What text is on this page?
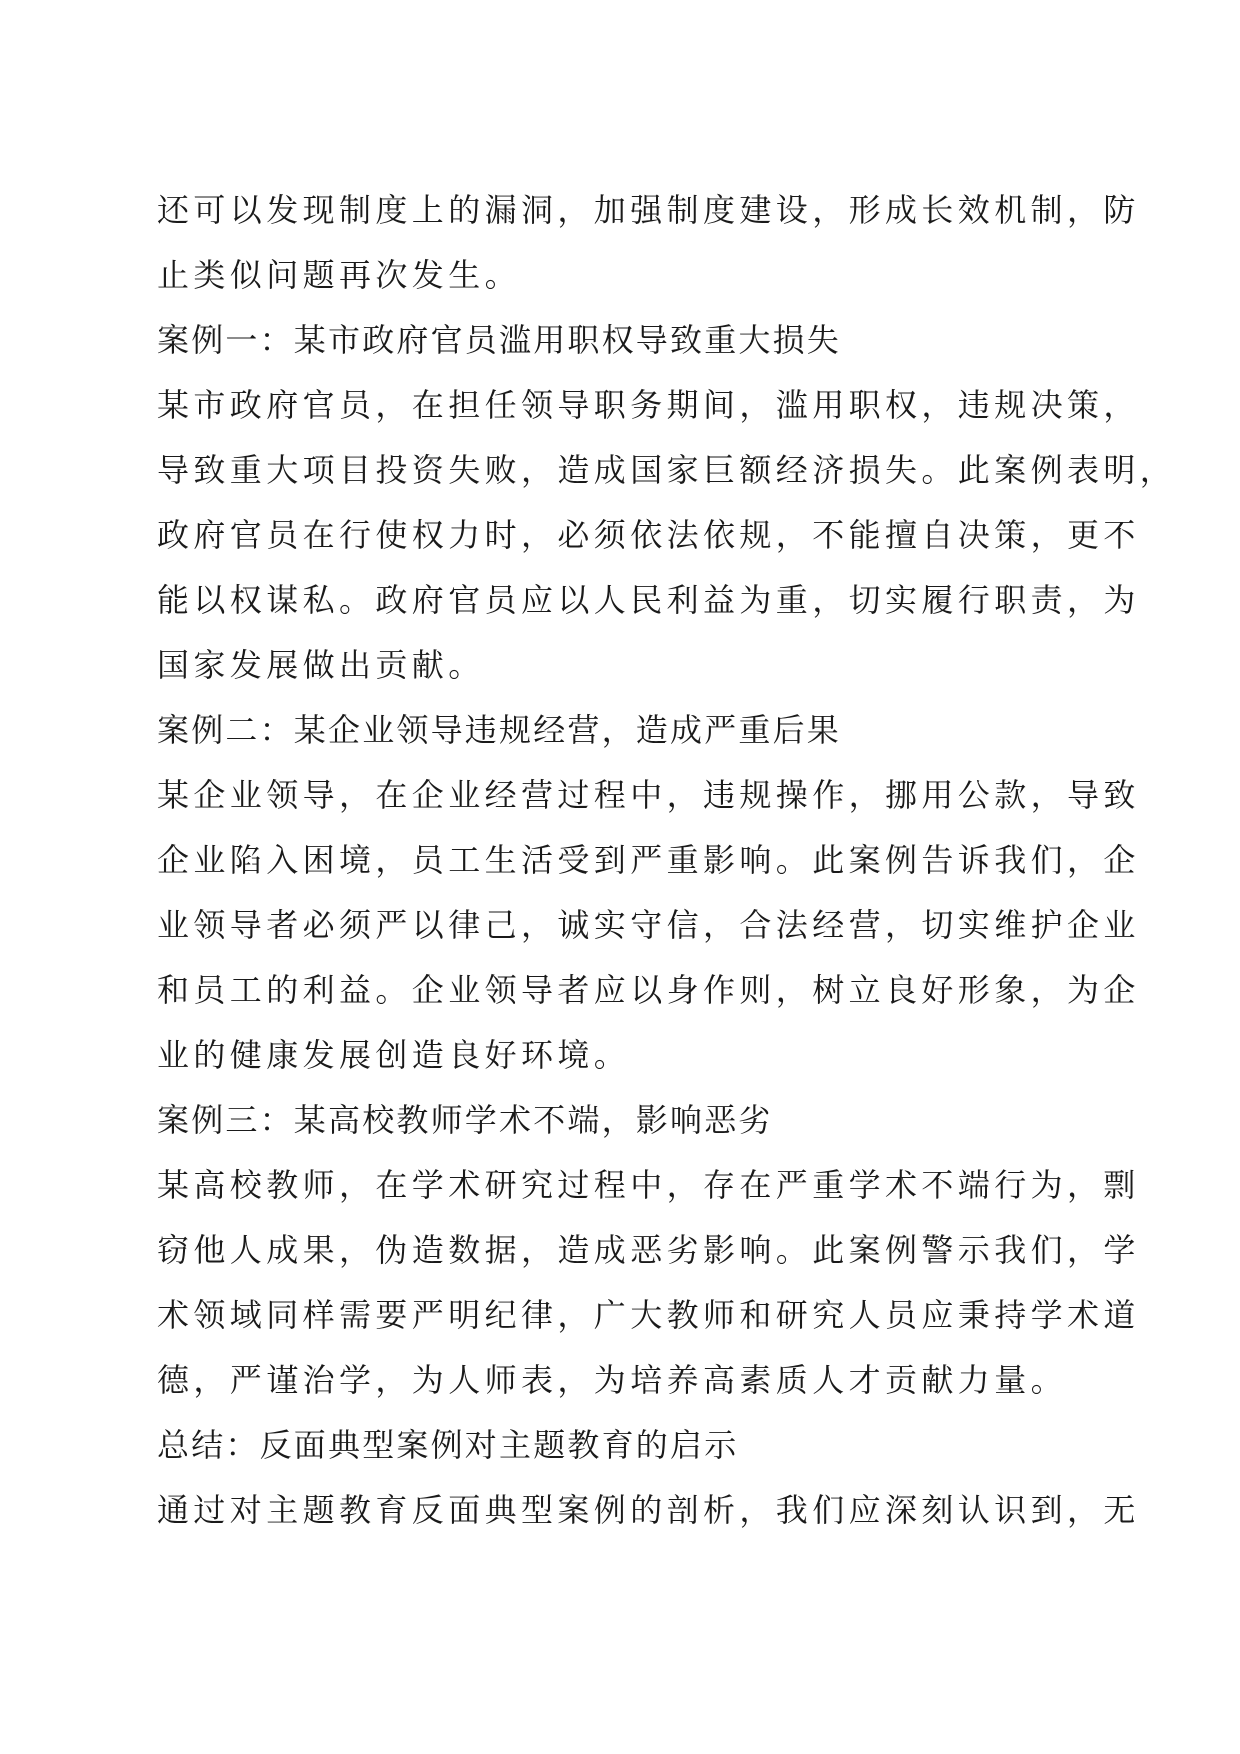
还可以发现制度上的漏洞，加强制度建设，形成长效机制，防
止类似问题再次发生。
案例一：某市政府官员滥用职权导致重大损失
某市政府官员，在担任领导职务期间，滥用职权，违规决策，
导致重大项目投资失败，造成国家巨额经济损失。此案例表明，
政府官员在行使权力时，必须依法依规，不能擅自决策，更不
能以权谋私。政府官员应以人民利益为重，切实履行职责，为
国家发展做出贡献。
案例二：某企业领导违规经营，造成严重后果
某企业领导，在企业经营过程中，违规操作，挪用公款，导致
企业陷入困境，员工生活受到严重影响。此案例告诉我们，企
业领导者必须严以律己，诚实守信，合法经营，切实维护企业
和员工的利益。企业领导者应以身作则，树立良好形象，为企
业的健康发展创造良好环境。
案例三：某高校教师学术不端，影响恶劣
某高校教师，在学术研究过程中，存在严重学术不端行为，剽
窃他人成果，伪造数据，造成恶劣影响。此案例警示我们，学
术领域同样需要严明纪律，广大教师和研究人员应秉持学术道
德，严谨治学，为人师表，为培养高素质人才贡献力量。
总结：反面典型案例对主题教育的启示
通过对主题教育反面典型案例的剖析，我们应深刻认识到，无
